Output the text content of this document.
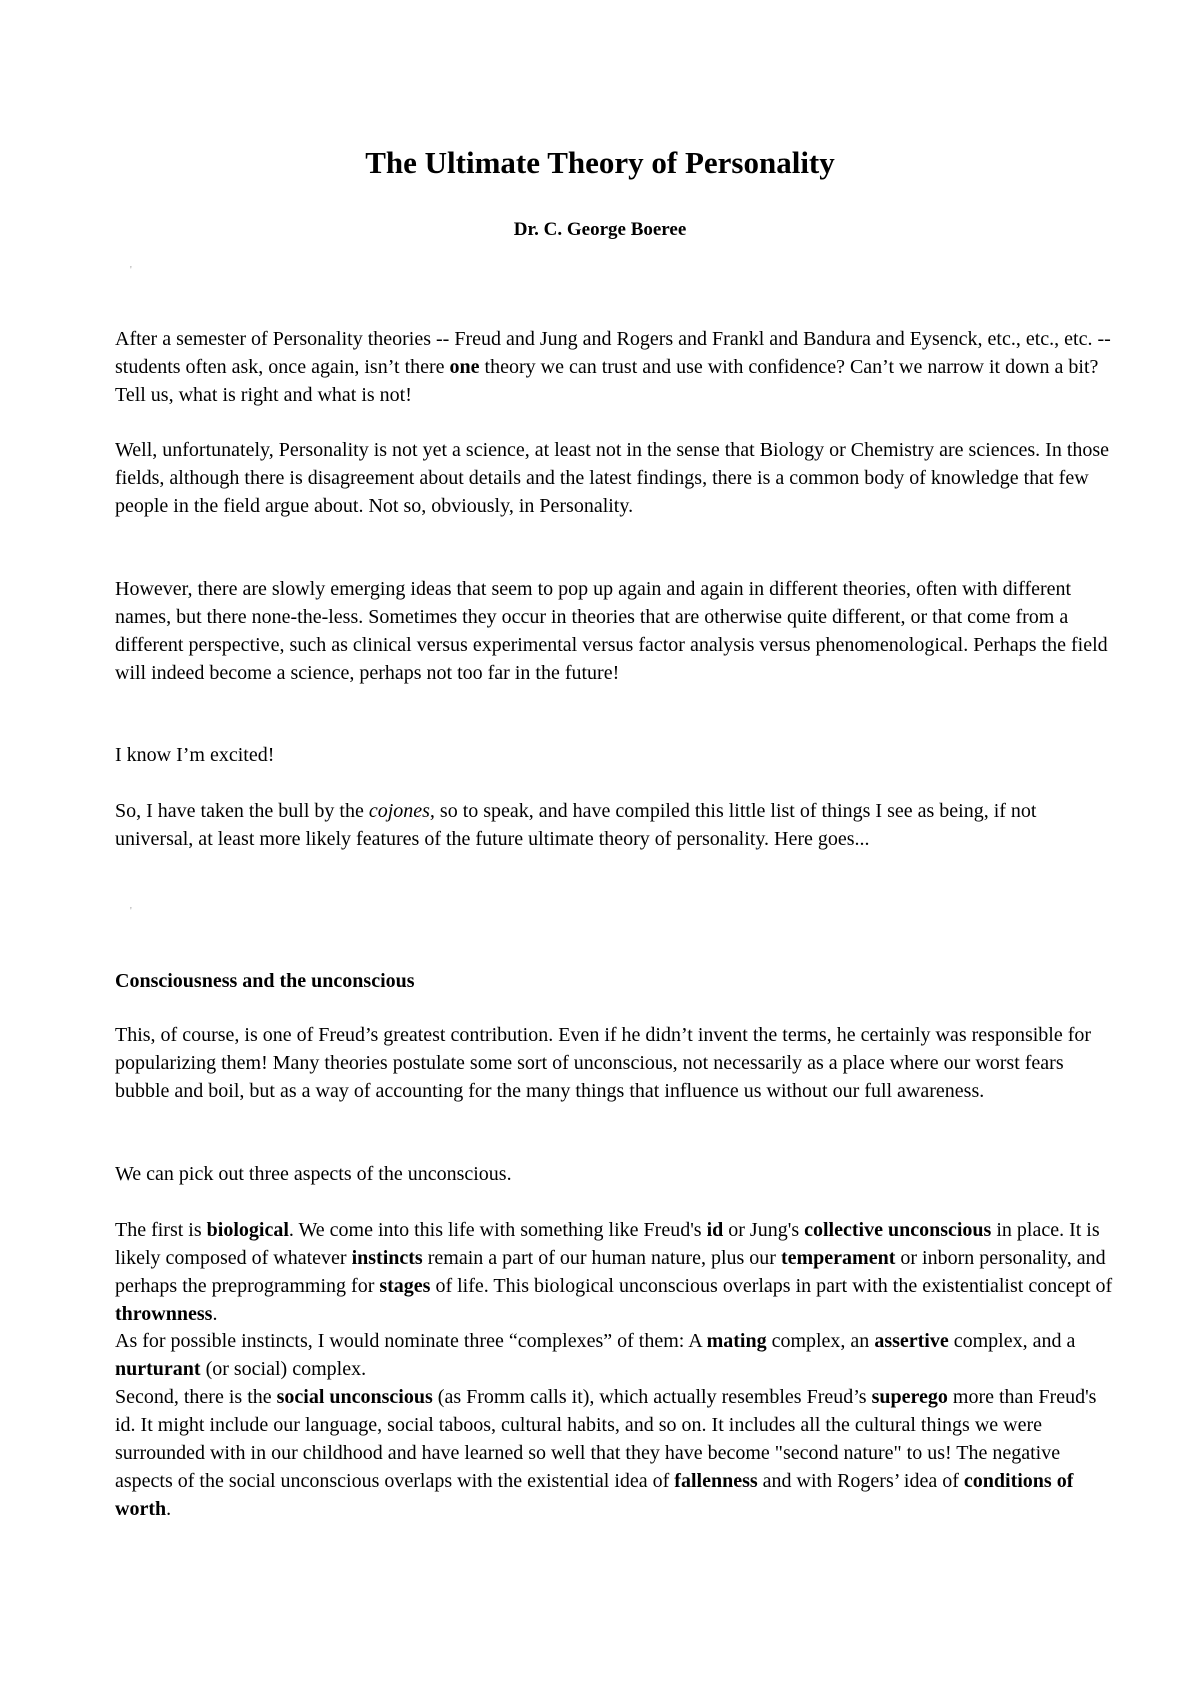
The Ultimate Theory of Personality
Dr. C. George Boeree
'

After a semester of Personality theories -- Freud and Jung and Rogers and Frankl and Bandura and Eysenck, etc., etc., etc. -- students often ask, once again, isn’t there one theory we can trust and use with confidence? Can’t we narrow it down a bit? Tell us, what is right and what is not!

Well, unfortunately, Personality is not yet a science, at least not in the sense that Biology or Chemistry are sciences. In those fields, although there is disagreement about details and the latest findings, there is a common body of knowledge that few people in the field argue about. Not so, obviously, in Personality.

However, there are slowly emerging ideas that seem to pop up again and again in different theories, often with different names, but there none-the-less. Sometimes they occur in theories that are otherwise quite different, or that come from a different perspective, such as clinical versus experimental versus factor analysis versus phenomenological. Perhaps the field will indeed become a science, perhaps not too far in the future!

I know I’m excited!

So, I have taken the bull by the cojones, so to speak, and have compiled this little list of things I see as being, if not universal, at least more likely features of the future ultimate theory of personality. Here goes...

'
Consciousness and the unconscious

This, of course, is one of Freud’s greatest contribution. Even if he didn’t invent the terms, he certainly was responsible for popularizing them! Many theories postulate some sort of unconscious, not necessarily as a place where our worst fears bubble and boil, but as a way of accounting for the many things that influence us without our full awareness.

We can pick out three aspects of the unconscious.

The first is biological. We come into this life with something like Freud's id or Jung's collective unconscious in place. It is likely composed of whatever instincts remain a part of our human nature, plus our temperament or inborn personality, and perhaps the preprogramming for stages of life. This biological unconscious overlaps in part with the existentialist concept of thrownness.

As for possible instincts, I would nominate three “complexes” of them: A mating complex, an assertive complex, and a nurturant (or social) complex.

Second, there is the social unconscious (as Fromm calls it), which actually resembles Freud’s superego more than Freud's id. It might include our language, social taboos, cultural habits, and so on. It includes all the cultural things we were surrounded with in our childhood and have learned so well that they have become "second nature" to us! The negative aspects of the social unconscious overlaps with the existential idea of fallenness and with Rogers’ idea of conditions of worth.
